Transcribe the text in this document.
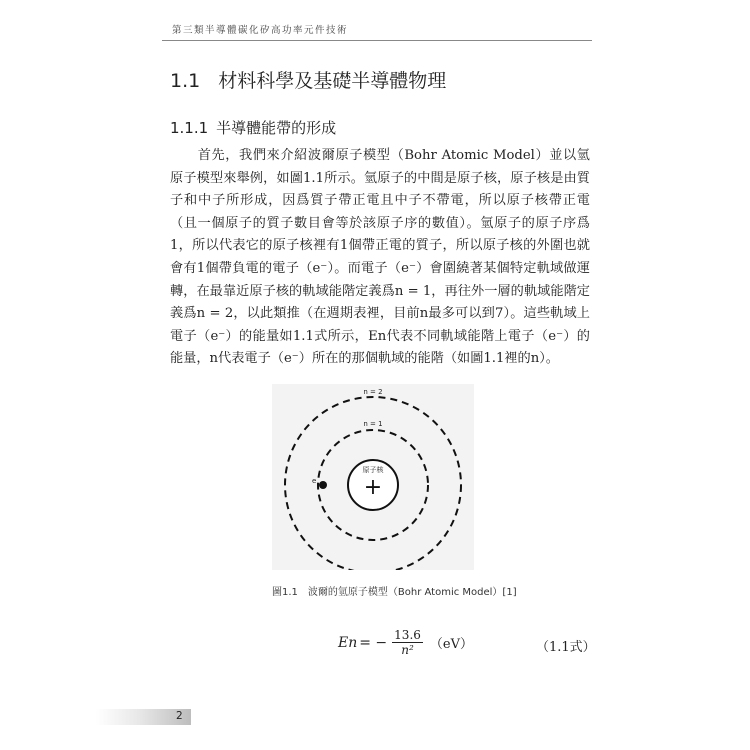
第三類半導體碳化矽高功率元件技術
1.1 材料科學及基礎半導體物理
1.1.1 半導體能帶的形成

首先，我們來介紹波爾原子模型（Bohr Atomic Model）並以氫原子模型來舉例，如圖1.1所示。氫原子的中間是原子核，原子核是由質子和中子所形成，因爲質子帶正電且中子不帶電，所以原子核帶正電（且一個原子的質子數目會等於該原子序的數值）。氫原子的原子序爲1，所以代表它的原子核裡有1個帶正電的質子，所以原子核的外圍也就會有1個帶負電的電子（e⁻）。而電子（e⁻）會圍繞著某個特定軌域做運轉，在最靠近原子核的軌域能階定義爲n = 1，再往外一層的軌域能階定義爲n = 2，以此類推（在週期表裡，目前n最多可以到7）。這些軌域上電子（e⁻）的能量如1.1式所示，En代表不同軌域能階上電子（e⁻）的能量，n代表電子（e⁻）所在的那個軌域的能階（如圖1.1裡的n）。

原子核
+
e
n = 2
n = 1
圖1.1 波爾的氫原子模型（Bohr Atomic Model）[1]
En = − $\frac{13.6}{\text{n²}} (eV)$	（1.1式）
2
